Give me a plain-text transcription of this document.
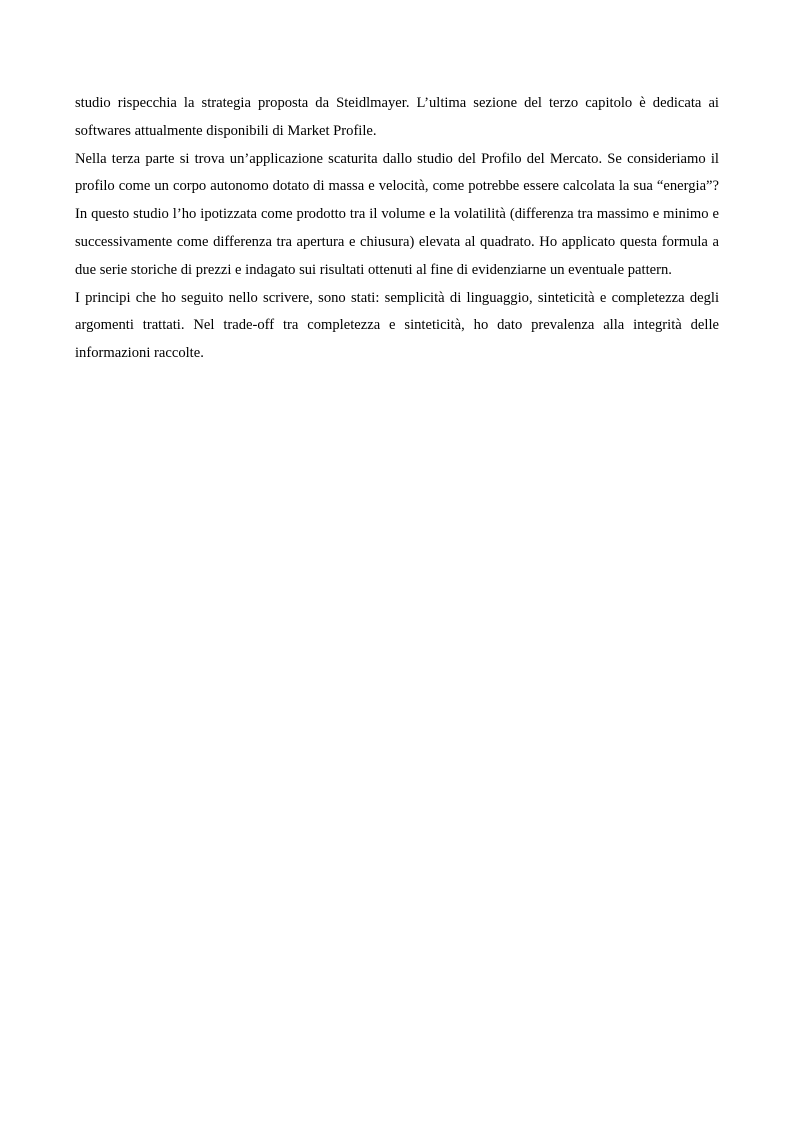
studio rispecchia la strategia proposta da Steidlmayer. L’ultima sezione del terzo capitolo è dedicata ai softwares attualmente disponibili di Market Profile.

Nella terza parte si trova un’applicazione scaturita dallo studio del Profilo del Mercato. Se consideriamo il profilo come un corpo autonomo dotato di massa e velocità, come potrebbe essere calcolata la sua “energia”? In questo studio l’ho ipotizzata come prodotto tra il volume e la volatilità (differenza tra massimo e minimo e successivamente come differenza tra apertura e chiusura) elevata al quadrato. Ho applicato questa formula a due serie storiche di prezzi e indagato sui risultati ottenuti al fine di evidenziarne un eventuale pattern.

I principi che ho seguito nello scrivere, sono stati: semplicità di linguaggio, sinteticità e completezza degli argomenti trattati. Nel trade-off tra completezza e sinteticità, ho dato prevalenza alla integrità delle informazioni raccolte.
